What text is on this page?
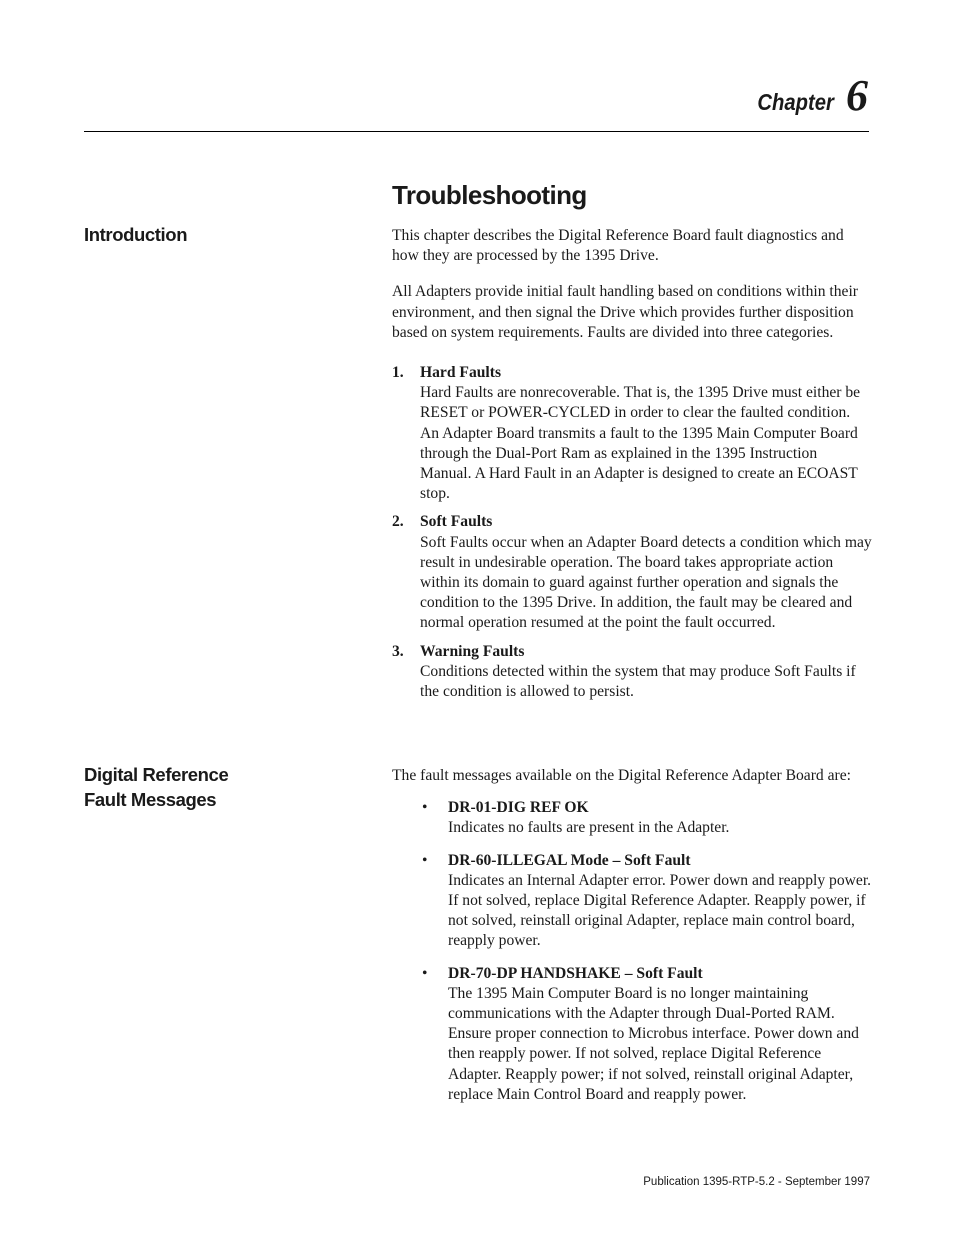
Chapter 6
Troubleshooting
Introduction	This chapter describes the Digital Reference Board fault diagnostics and how they are processed by the 1395 Drive.

All Adapters provide initial fault handling based on conditions within their environment, and then signal the Drive which provides further disposition based on system requirements. Faults are divided into three categories.

1. Hard Faults
Hard Faults are nonrecoverable. That is, the 1395 Drive must either be RESET or POWER-CYCLED in order to clear the faulted condition. An Adapter Board transmits a fault to the 1395 Main Computer Board through the Dual-Port Ram as explained in the 1395 Instruction Manual. A Hard Fault in an Adapter is designed to create an ECOAST stop.
2. Soft Faults
Soft Faults occur when an Adapter Board detects a condition which may result in undesirable operation. The board takes appropriate action within its domain to guard against further operation and signals the condition to the 1395 Drive. In addition, the fault may be cleared and normal operation resumed at the point the fault occurred.
3. Warning Faults
Conditions detected within the system that may produce Soft Faults if the condition is allowed to persist.
Digital Reference
Fault Messages

The fault messages available on the Digital Reference Adapter Board are:

• DR-01-DIG REF OK
Indicates no faults are present in the Adapter.
• DR-60-ILLEGAL Mode – Soft Fault
Indicates an Internal Adapter error. Power down and reapply power. If not solved, replace Digital Reference Adapter. Reapply power, if not solved, reinstall original Adapter, replace main control board, reapply power.
• DR-70-DP HANDSHAKE – Soft Fault
The 1395 Main Computer Board is no longer maintaining communications with the Adapter through Dual-Ported RAM. Ensure proper connection to Microbus interface. Power down and then reapply power. If not solved, replace Digital Reference Adapter. Reapply power; if not solved, reinstall original Adapter, replace Main Control Board and reapply power.
Publication 1395-RTP-5.2 - September 1997
